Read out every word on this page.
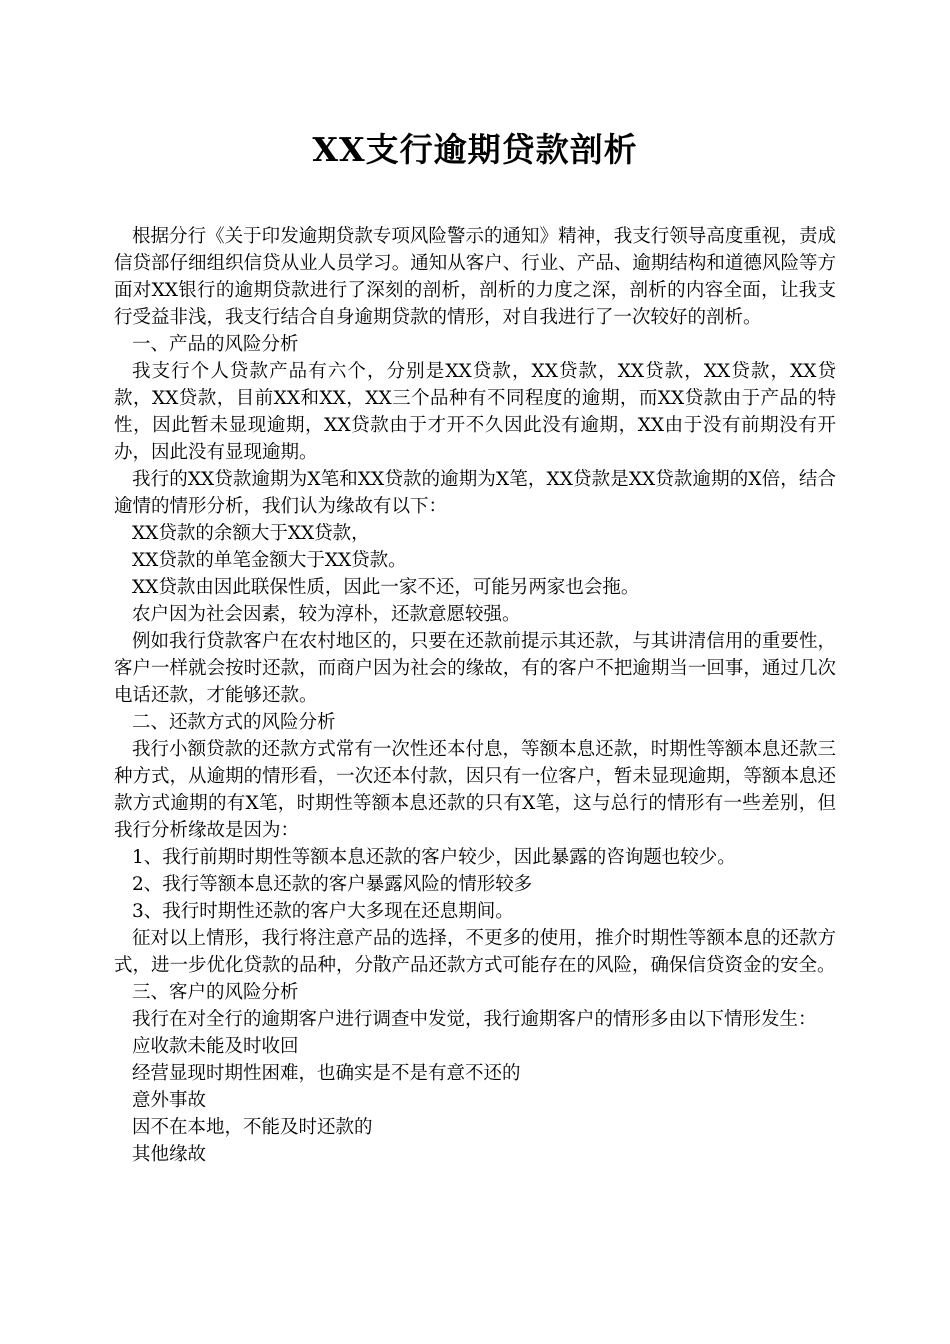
XX支行逾期贷款剖析

根据分行《关于印发逾期贷款专项风险警示的通知》精神，我支行领导高度重视，责成信贷部仔细组织信贷从业人员学习。通知从客户、行业、产品、逾期结构和道德风险等方面对XX银行的逾期贷款进行了深刻的剖析，剖析的力度之深，剖析的内容全面，让我支行受益非浅，我支行结合自身逾期贷款的情形，对自我进行了一次较好的剖析。

一、产品的风险分析

我支行个人贷款产品有六个，分别是XX贷款，XX贷款，XX贷款，XX贷款，XX贷款，XX贷款，目前XX和XX，XX三个品种有不同程度的逾期，而XX贷款由于产品的特性，因此暂未显现逾期，XX贷款由于才开不久因此没有逾期，XX由于没有前期没有开办，因此没有显现逾期。

我行的XX贷款逾期为X笔和XX贷款的逾期为X笔，XX贷款是XX贷款逾期的X倍，结合逾情的情形分析，我们认为缘故有以下：

XX贷款的余额大于XX贷款，

XX贷款的单笔金额大于XX贷款。

XX贷款由因此联保性质，因此一家不还，可能另两家也会拖。

农户因为社会因素，较为淳朴，还款意愿较强。

例如我行贷款客户在农村地区的，只要在还款前提示其还款，与其讲清信用的重要性，客户一样就会按时还款，而商户因为社会的缘故，有的客户不把逾期当一回事，通过几次电话还款，才能够还款。

二、还款方式的风险分析

我行小额贷款的还款方式常有一次性还本付息，等额本息还款，时期性等额本息还款三种方式，从逾期的情形看，一次还本付款，因只有一位客户，暂未显现逾期，等额本息还款方式逾期的有X笔，时期性等额本息还款的只有X笔，这与总行的情形有一些差别，但我行分析缘故是因为：

1、我行前期时期性等额本息还款的客户较少，因此暴露的咨询题也较少。

2、我行等额本息还款的客户暴露风险的情形较多

3、我行时期性还款的客户大多现在还息期间。

征对以上情形，我行将注意产品的选择，不更多的使用，推介时期性等额本息的还款方式，进一步优化贷款的品种，分散产品还款方式可能存在的风险，确保信贷资金的安全。

三、客户的风险分析

我行在对全行的逾期客户进行调查中发觉，我行逾期客户的情形多由以下情形发生：

应收款未能及时收回

经营显现时期性困难，也确实是不是有意不还的

意外事故

因不在本地，不能及时还款的

其他缘故
